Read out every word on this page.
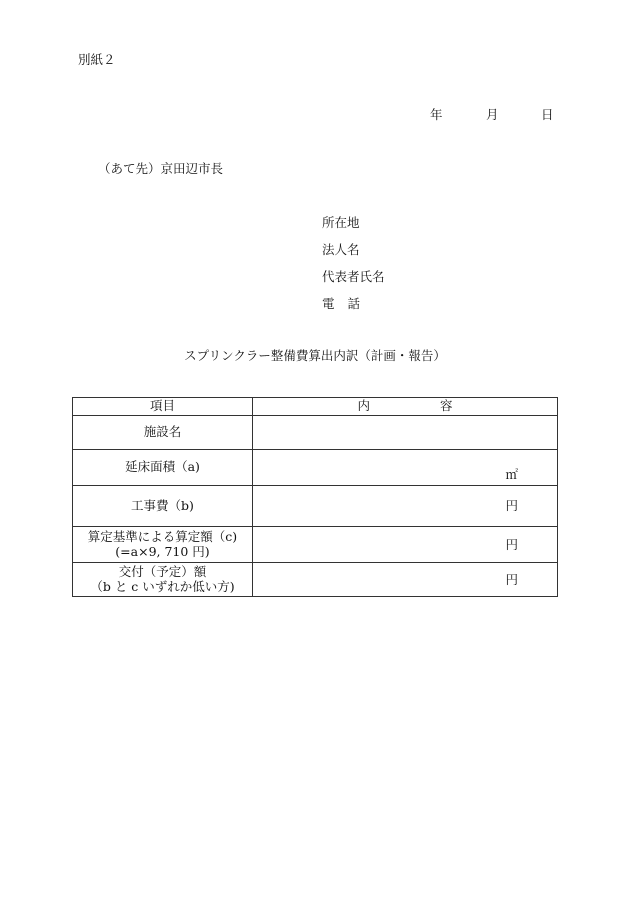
別紙２
年	月	日
（あて先）京田辺市長
所在地
法人名
代表者氏名
電 話
スプリンクラー整備費算出内訳（計画・報告）
項目	内 容
施設名	
延床面積（a)	㎡

工事費（b)	円

算定基準による算定額（c)
(=a×9, 710 円)	円

交付（予定）額
（b と c いずれか低い方)	円
